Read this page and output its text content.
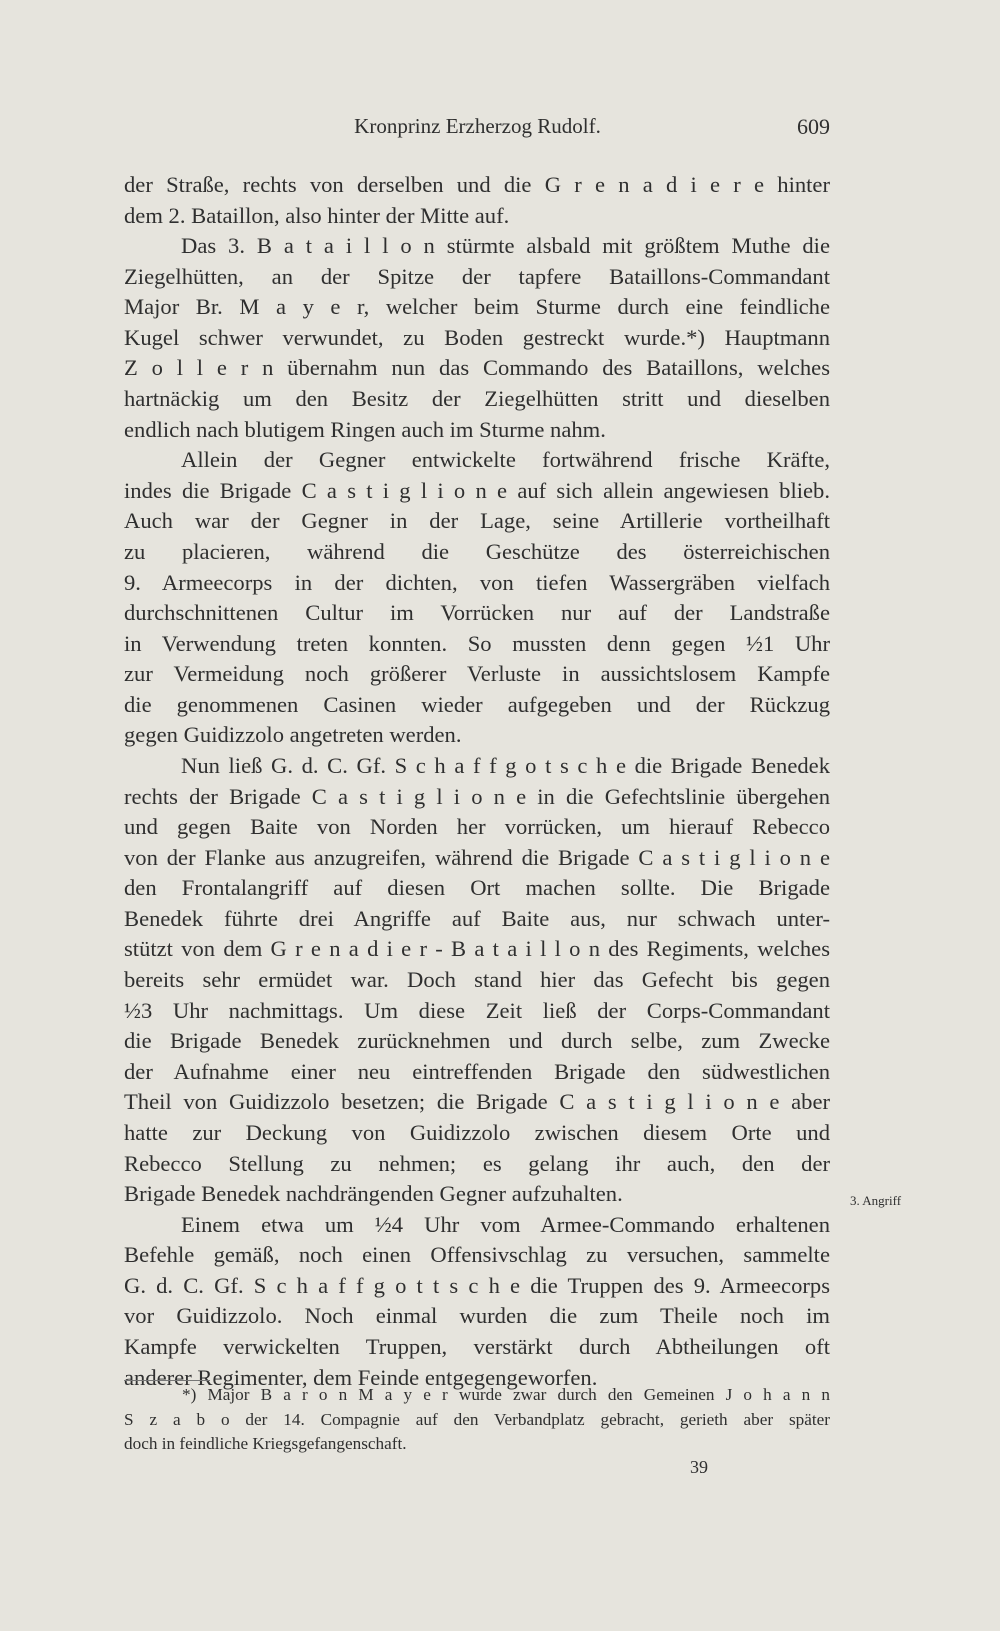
Kronprinz Erzherzog Rudolf.	609
der Straße, rechts von derselben und die G r e n a d i e r e hinter
dem 2. Bataillon, also hinter der Mitte auf.
Das 3. B a t a i l l o n stürmte alsbald mit größtem Muthe die
Ziegelhütten, an der Spitze der tapfere Bataillons-Commandant
Major Br. M a y e r, welcher beim Sturme durch eine feindliche
Kugel schwer verwundet, zu Boden gestreckt wurde.*) Hauptmann
Z o l l e r n übernahm nun das Commando des Bataillons, welches
hartnäckig um den Besitz der Ziegelhütten stritt und dieselben
endlich nach blutigem Ringen auch im Sturme nahm.
Allein der Gegner entwickelte fortwährend frische Kräfte,
indes die Brigade C a s t i g l i o n e auf sich allein angewiesen blieb.
Auch war der Gegner in der Lage, seine Artillerie vortheilhaft
zu placieren, während die Geschütze des österreichischen
9. Armeecorps in der dichten, von tiefen Wassergräben vielfach
durchschnittenen Cultur im Vorrücken nur auf der Landstraße
in Verwendung treten konnten. So mussten denn gegen ½1 Uhr
zur Vermeidung noch größerer Verluste in aussichtslosem Kampfe
die genommenen Casinen wieder aufgegeben und der Rückzug
gegen Guidizzolo angetreten werden.
Nun ließ G. d. C. Gf. S c h a f f g o t s c h e die Brigade Benedek
rechts der Brigade C a s t i g l i o n e in die Gefechtslinie übergehen
und gegen Baite von Norden her vorrücken, um hierauf Rebecco
von der Flanke aus anzugreifen, während die Brigade C a s t i g l i o n e
den Frontalangriff auf diesen Ort machen sollte. Die Brigade
Benedek führte drei Angriffe auf Baite aus, nur schwach unter-
stützt von dem G r e n a d i e r - B a t a i l l o n des Regiments, welches
bereits sehr ermüdet war. Doch stand hier das Gefecht bis gegen
½3 Uhr nachmittags. Um diese Zeit ließ der Corps-Commandant
die Brigade Benedek zurücknehmen und durch selbe, zum Zwecke
der Aufnahme einer neu eintreffenden Brigade den südwestlichen
Theil von Guidizzolo besetzen; die Brigade C a s t i g l i o n e aber
hatte zur Deckung von Guidizzolo zwischen diesem Orte und
Rebecco Stellung zu nehmen; es gelang ihr auch, den der
Brigade Benedek nachdrängenden Gegner aufzuhalten.
Einem etwa um ½4 Uhr vom Armee-Commando erhaltenen
Befehle gemäß, noch einen Offensivschlag zu versuchen, sammelte
G. d. C. Gf. S c h a f f g o t t s c h e die Truppen des 9. Armeecorps
vor Guidizzolo. Noch einmal wurden die zum Theile noch im
Kampfe verwickelten Truppen, verstärkt durch Abtheilungen oft
anderer Regimenter, dem Feinde entgegengeworfen.
*) Major B a r o n M a y e r wurde zwar durch den Gemeinen J o h a n n
S z a b o der 14. Compagnie auf den Verbandplatz gebracht, gerieth aber später
doch in feindliche Kriegsgefangenschaft.
3. Angriff
39
